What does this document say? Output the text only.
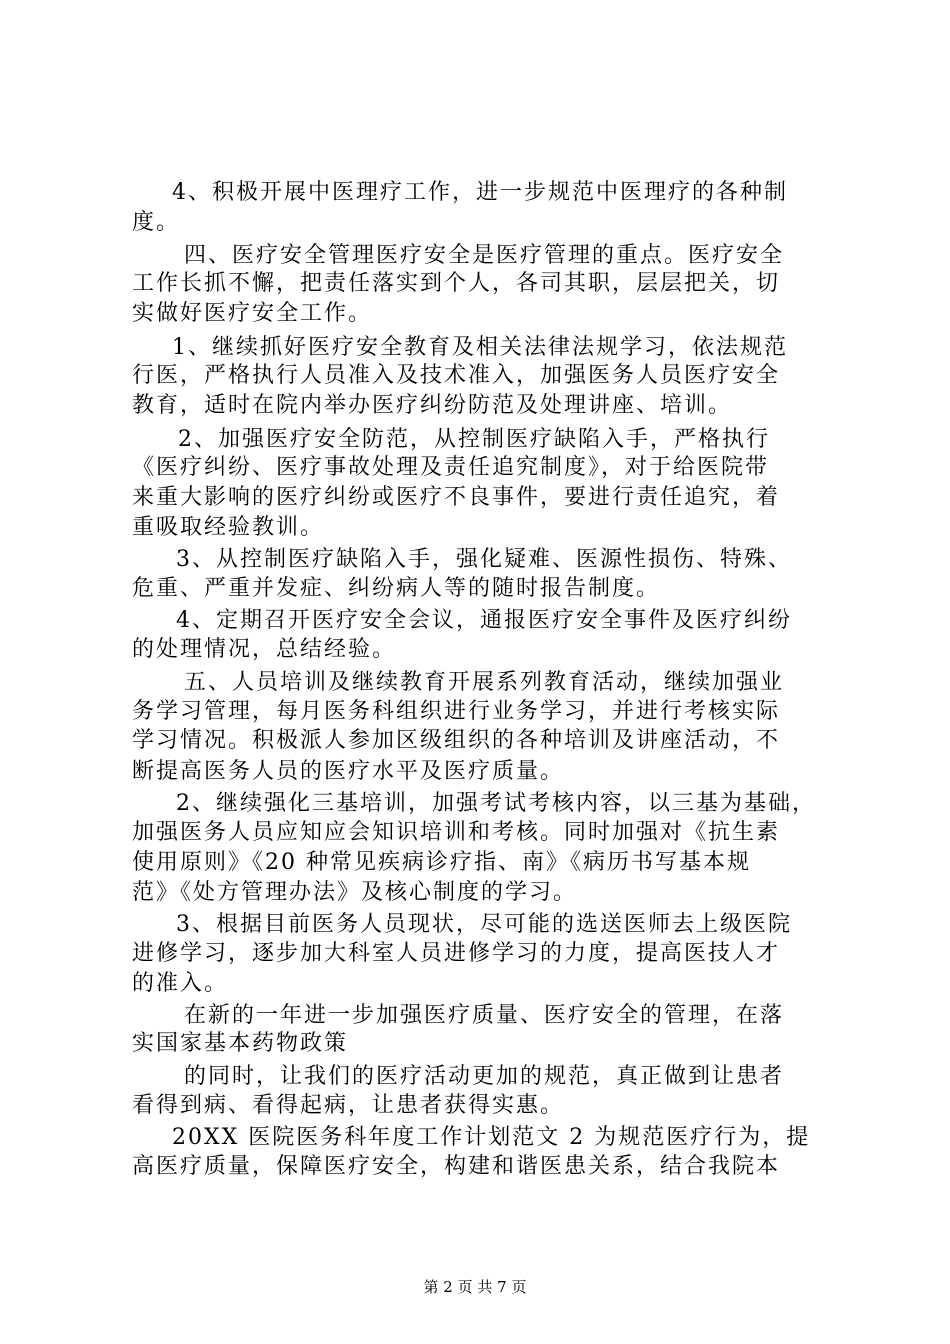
4、积极开展中医理疗工作，进一步规范中医理疗的各种制
度。
四、医疗安全管理医疗安全是医疗管理的重点。医疗安全
工作长抓不懈，把责任落实到个人，各司其职，层层把关，切
实做好医疗安全工作。
1、继续抓好医疗安全教育及相关法律法规学习，依法规范
行医，严格执行人员准入及技术准入，加强医务人员医疗安全
教育，适时在院内举办医疗纠纷防范及处理讲座、培训。
2、加强医疗安全防范，从控制医疗缺陷入手，严格执行
《医疗纠纷、医疗事故处理及责任追究制度》，对于给医院带
来重大影响的医疗纠纷或医疗不良事件，要进行责任追究，着
重吸取经验教训。
3、从控制医疗缺陷入手，强化疑难、医源性损伤、特殊、
危重、严重并发症、纠纷病人等的随时报告制度。
4、定期召开医疗安全会议，通报医疗安全事件及医疗纠纷
的处理情况，总结经验。
五、人员培训及继续教育开展系列教育活动，继续加强业
务学习管理，每月医务科组织进行业务学习，并进行考核实际
学习情况。积极派人参加区级组织的各种培训及讲座活动，不
断提高医务人员的医疗水平及医疗质量。
2、继续强化三基培训，加强考试考核内容，以三基为基础，
加强医务人员应知应会知识培训和考核。同时加强对《抗生素
使用原则》《20 种常见疾病诊疗指、南》《病历书写基本规
范》《处方管理办法》及核心制度的学习。
3、根据目前医务人员现状，尽可能的选送医师去上级医院
进修学习，逐步加大科室人员进修学习的力度，提高医技人才
的准入。
在新的一年进一步加强医疗质量、医疗安全的管理，在落
实国家基本药物政策
的同时，让我们的医疗活动更加的规范，真正做到让患者
看得到病、看得起病，让患者获得实惠。
20XX 医院医务科年度工作计划范文 2 为规范医疗行为，提
高医疗质量，保障医疗安全，构建和谐医患关系，结合我院本
第 2 页 共 7 页
